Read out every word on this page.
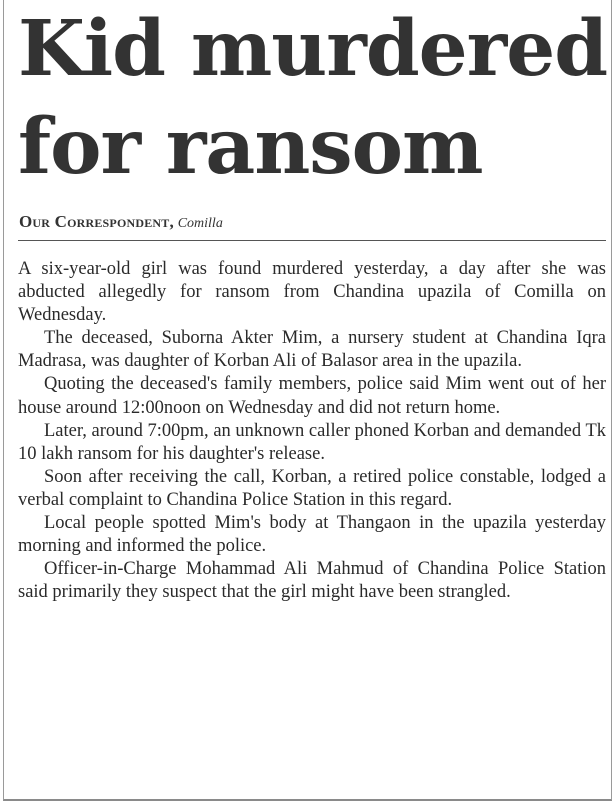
Kid murdered
for ransom
Our Correspondent, Comilla

A six-year-old girl was found murdered yesterday, a day after she was abducted allegedly for ransom from Chandina upazila of Comilla on Wednesday.

The deceased, Suborna Akter Mim, a nursery student at Chandina Iqra Madrasa, was daughter of Korban Ali of Balasor area in the upazila.

Quoting the deceased's family members, police said Mim went out of her house around 12:00noon on Wednesday and did not return home.

Later, around 7:00pm, an unknown caller phoned Korban and demanded Tk 10 lakh ransom for his daughter's release.

Soon after receiving the call, Korban, a retired police constable, lodged a verbal complaint to Chandina Police Station in this regard.

Local people spotted Mim's body at Thangaon in the upazila yesterday morning and informed the police.

Officer-in-Charge Mohammad Ali Mahmud of Chandina Police Station said primarily they suspect that the girl might have been strangled.
